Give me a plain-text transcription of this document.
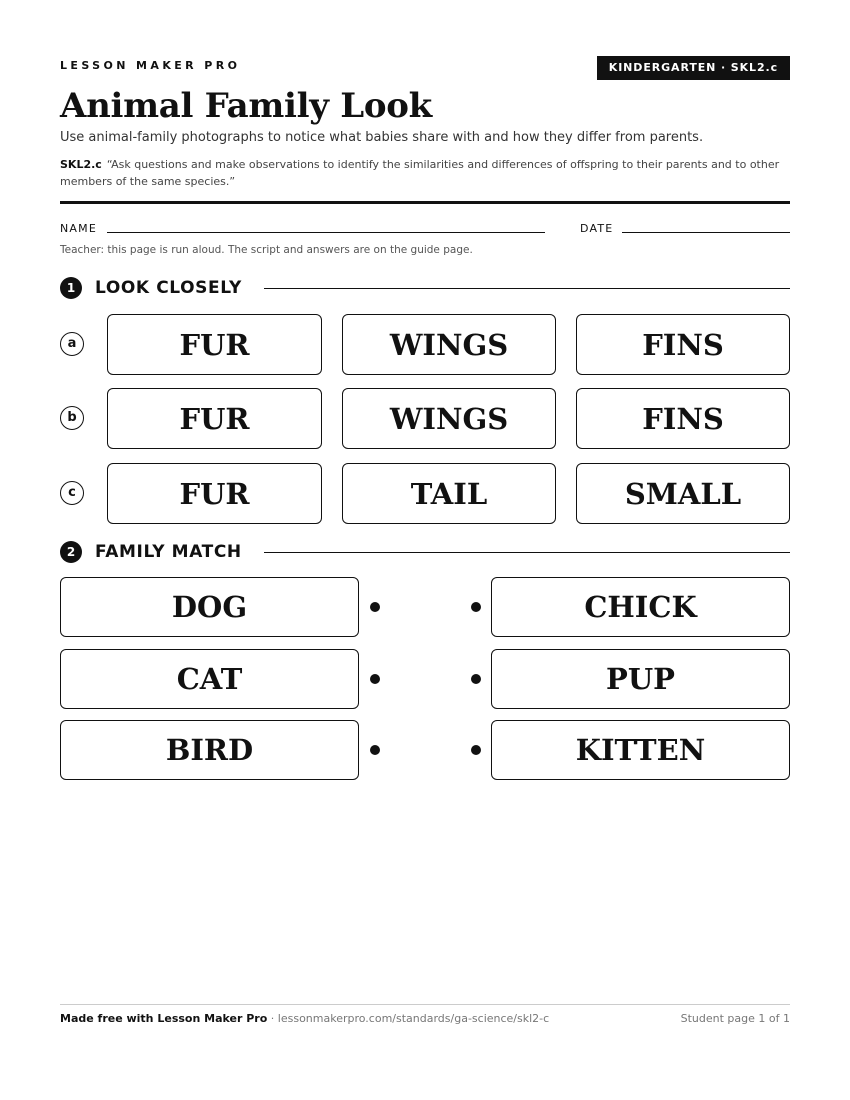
LESSON MAKER PRO	KINDERGARTEN · SKL2.c
Animal Family Look
Use animal-family photographs to notice what babies share with and how they differ from parents.
SKL2.c “Ask questions and make observations to identify the similarities and differences of offspring to their parents and to other members of the same species.”
NAME	DATE
Teacher: this page is run aloud. The script and answers are on the guide page.
1	LOOK CLOSELY
a	FUR	WINGS	FINS
b	FUR	WINGS	FINS
c	FUR	TAIL	SMALL
2	FAMILY MATCH
DOG	CHICK
CAT	PUP
BIRD	KITTEN
Made free with Lesson Maker Pro · lessonmakerpro.com/standards/ga-science/skl2-c	Student page 1 of 1
